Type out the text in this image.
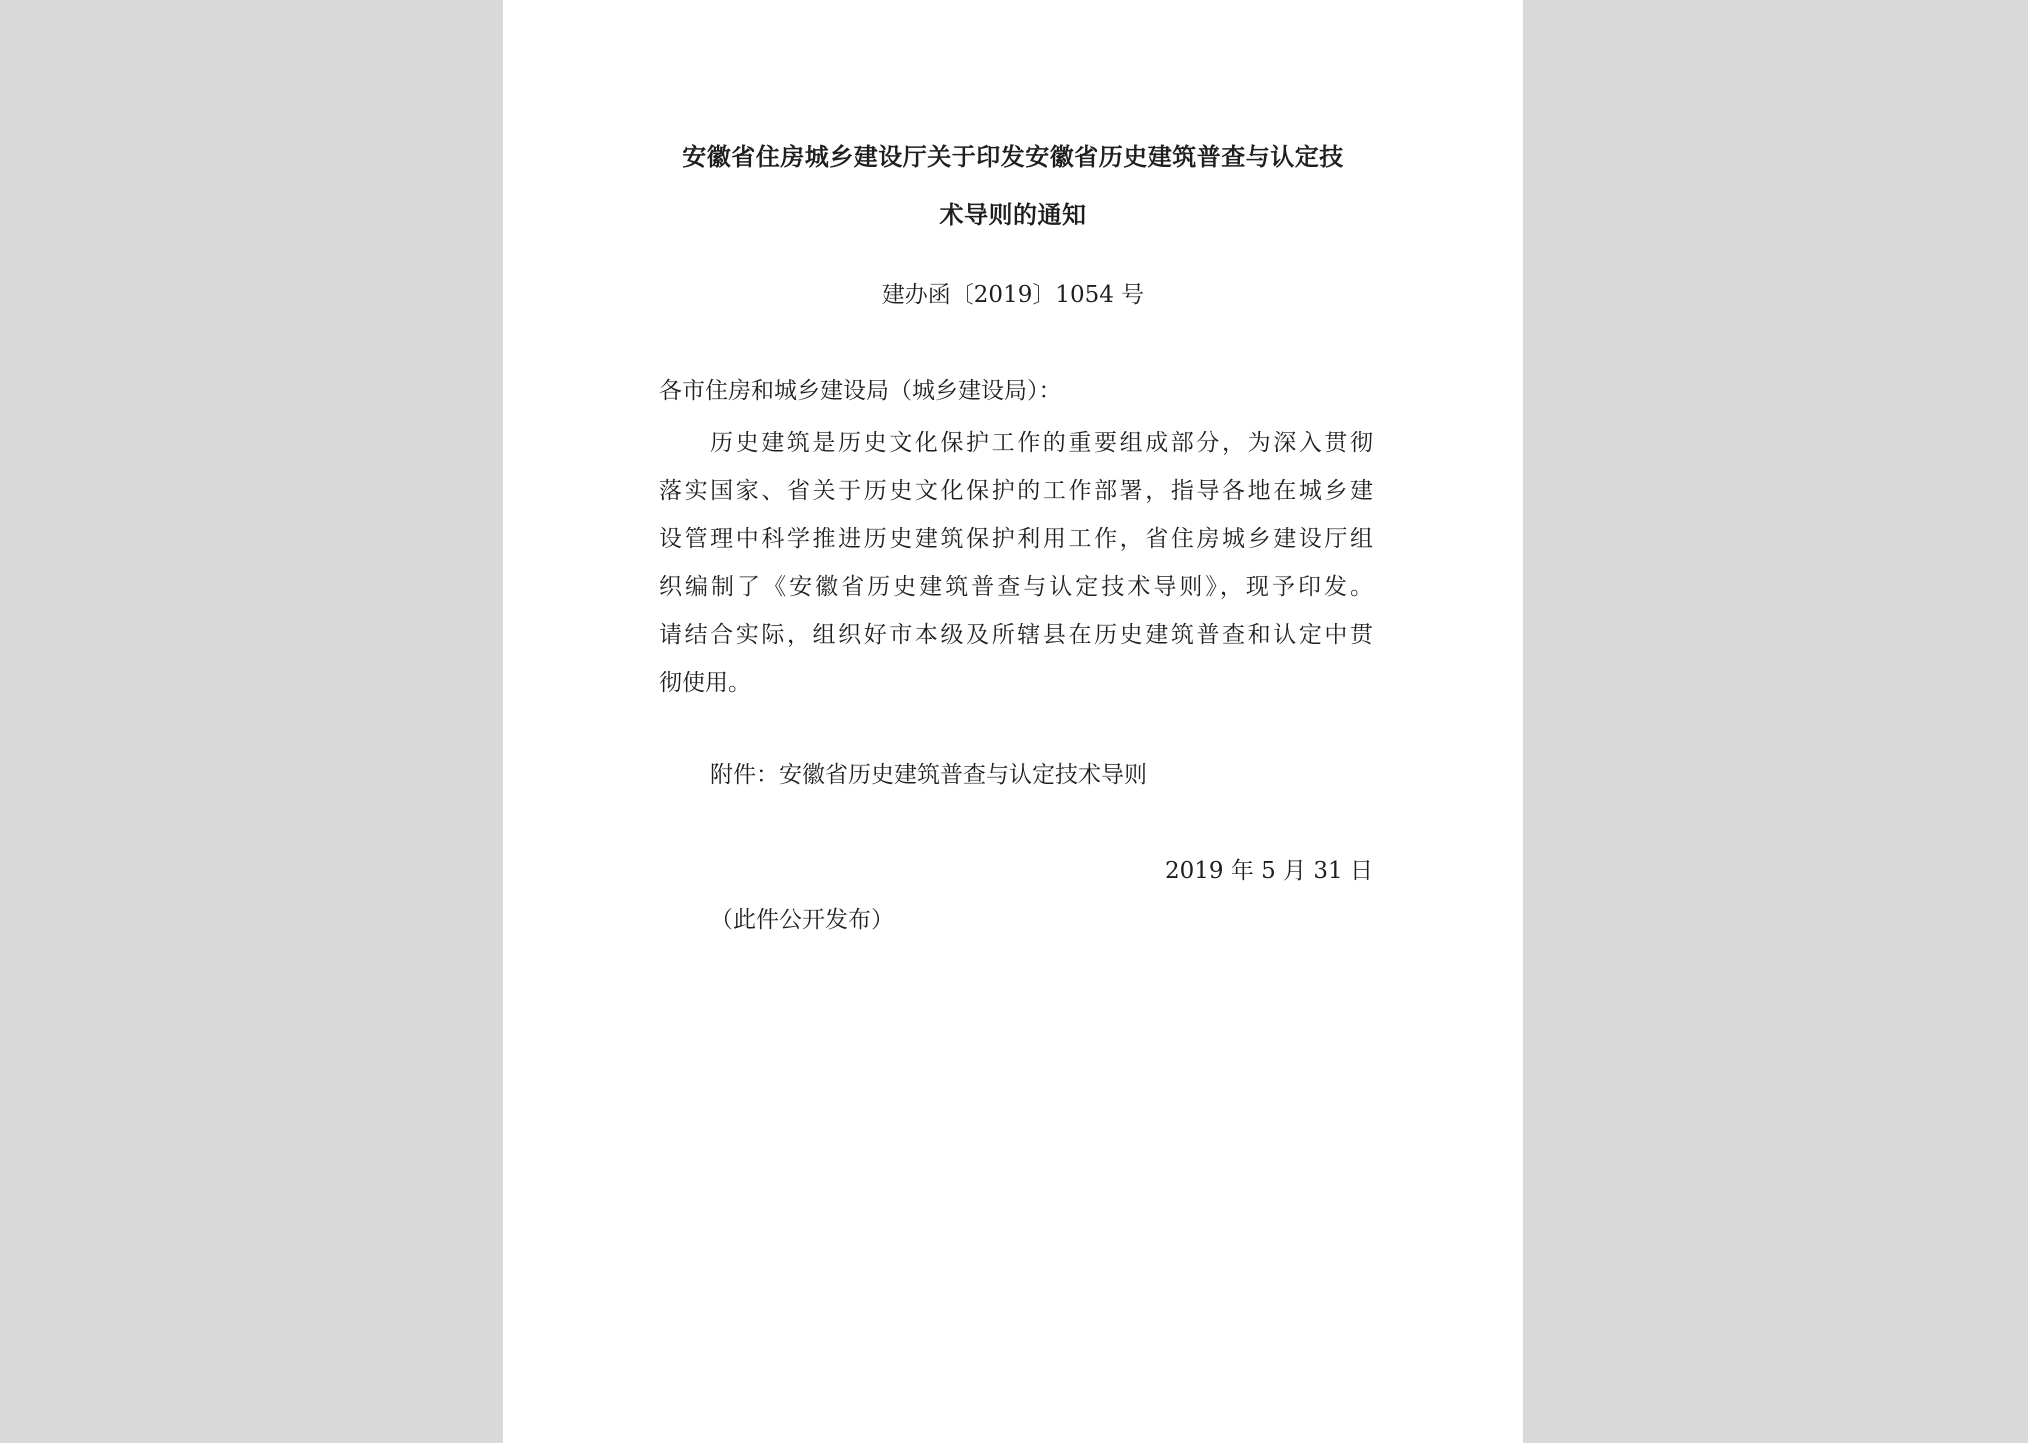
安徽省住房城乡建设厅关于印发安徽省历史建筑普查与认定技
术导则的通知
建办函〔2019〕1054 号
各市住房和城乡建设局（城乡建设局）：
历史建筑是历史文化保护工作的重要组成部分，为深入贯彻
落实国家、省关于历史文化保护的工作部署，指导各地在城乡建
设管理中科学推进历史建筑保护利用工作，省住房城乡建设厅组
织编制了《安徽省历史建筑普查与认定技术导则》，现予印发。
请结合实际，组织好市本级及所辖县在历史建筑普查和认定中贯
彻使用。
附件：安徽省历史建筑普查与认定技术导则
2019 年 5 月 31 日
（此件公开发布）
